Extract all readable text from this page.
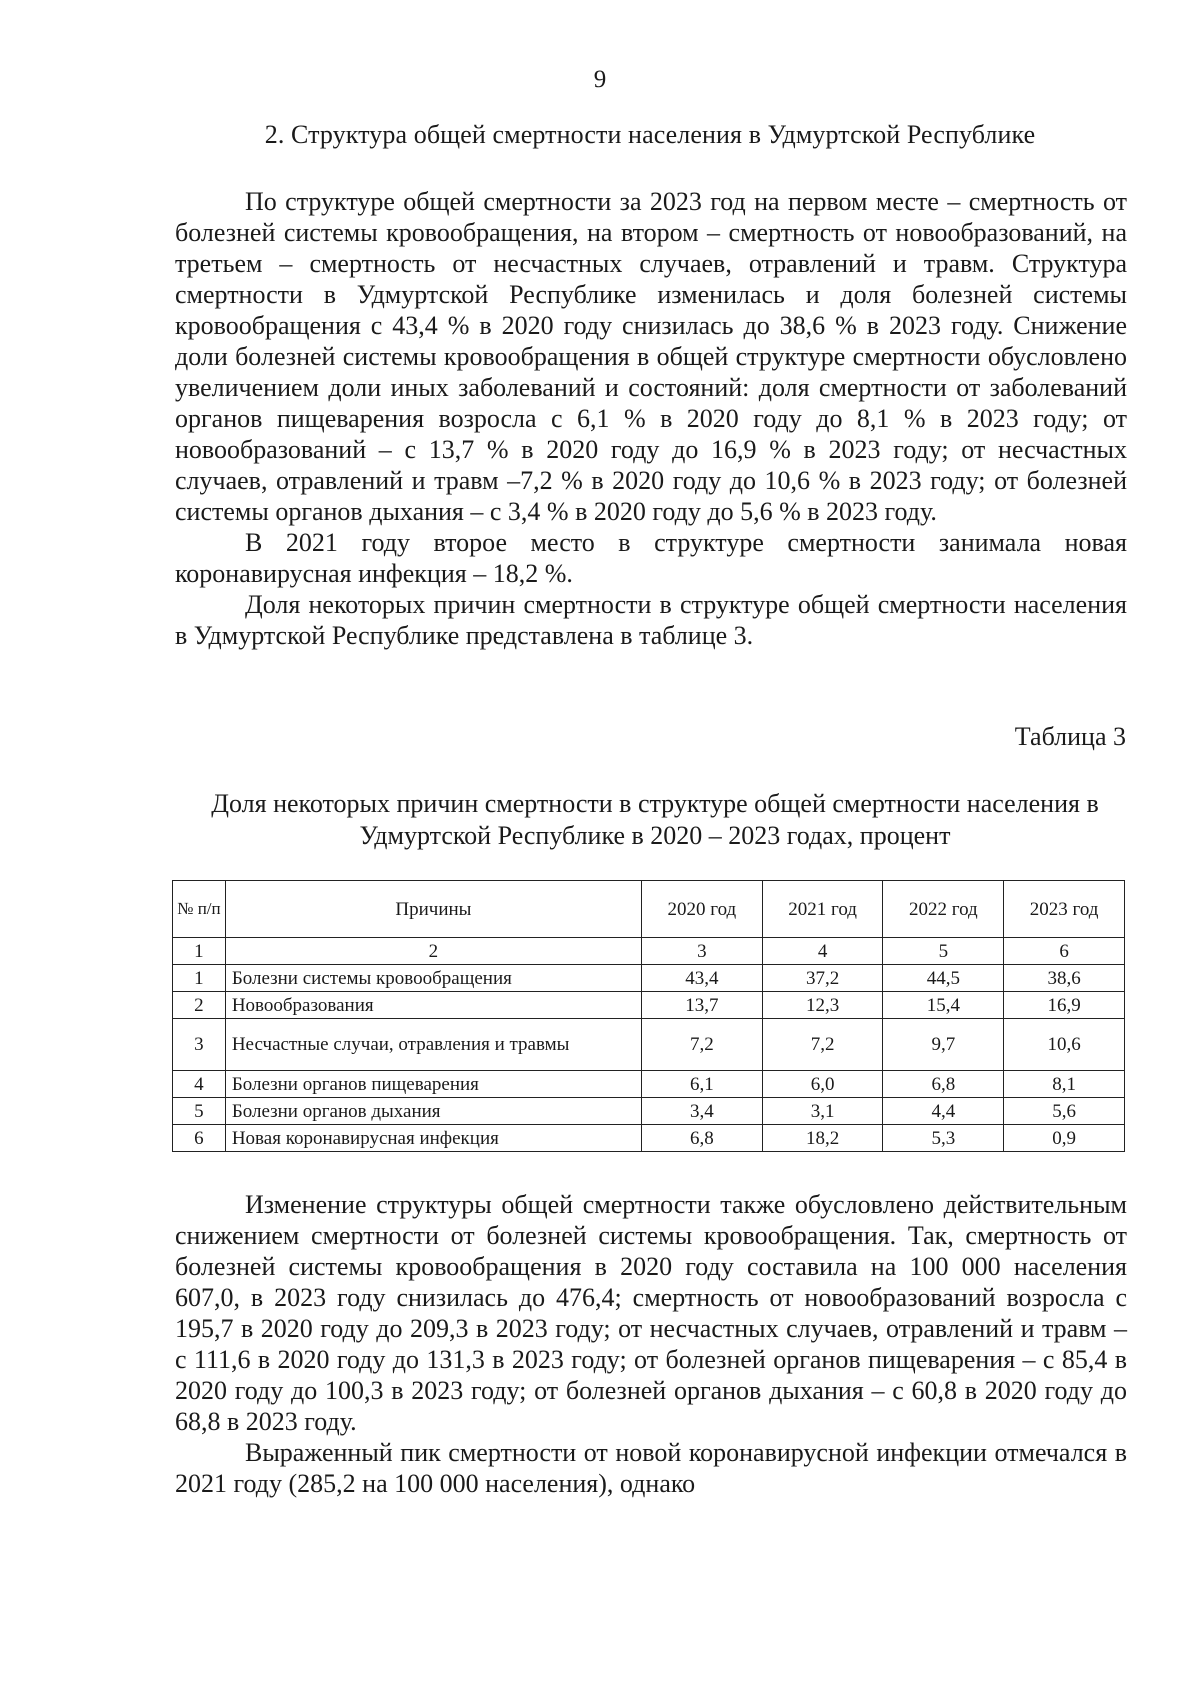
9
2. Структура общей смертности населения в Удмуртской Республике

По структуре общей смертности за 2023 год на первом месте – смертность от болезней системы кровообращения, на втором – смертность от новообразований, на третьем – смертность от несчастных случаев, отравлений и травм. Структура смертности в Удмуртской Республике изменилась и доля болезней системы кровообращения с 43,4 % в 2020 году снизилась до 38,6 % в 2023 году. Снижение доли болезней системы кровообращения в общей структуре смертности обусловлено увеличением доли иных заболеваний и состояний: доля смертности от заболеваний органов пищеварения возросла с 6,1 % в 2020 году до 8,1 % в 2023 году; от новообразований – с 13,7 % в 2020 году до 16,9 % в 2023 году; от несчастных случаев, отравлений и травм –7,2 % в 2020 году до 10,6 % в 2023 году; от болезней системы органов дыхания – с 3,4 % в 2020 году до 5,6 % в 2023 году.

В 2021 году второе место в структуре смертности занимала новая коронавирусная инфекция – 18,2 %.

Доля некоторых причин смертности в структуре общей смертности населения в Удмуртской Республике представлена в таблице 3.

Таблица 3
Доля некоторых причин смертности в структуре общей смертности населения в Удмуртской Республике в 2020 – 2023 годах, процент
№ п/п	Причины	2020 год	2021 год	2022 год	2023 год
1	2	3	4	5	6
1	Болезни системы кровообращения	43,4	37,2	44,5	38,6
2	Новообразования	13,7	12,3	15,4	16,9
3	Несчастные случаи, отравления и травмы	7,2	7,2	9,7	10,6
4	Болезни органов пищеварения	6,1	6,0	6,8	8,1
5	Болезни органов дыхания	3,4	3,1	4,4	5,6
6	Новая коронавирусная инфекция	6,8	18,2	5,3	0,9

Изменение структуры общей смертности также обусловлено действительным снижением смертности от болезней системы кровообращения. Так, смертность от болезней системы кровообращения в 2020 году составила на 100 000 населения 607,0, в 2023 году снизилась до 476,4; смертность от новообразований возросла с 195,7 в 2020 году до 209,3 в 2023 году; от несчастных случаев, отравлений и травм – с 111,6 в 2020 году до 131,3 в 2023 году; от болезней органов пищеварения – с 85,4 в 2020 году до 100,3 в 2023 году; от болезней органов дыхания – с 60,8 в 2020 году до 68,8 в 2023 году.

Выраженный пик смертности от новой коронавирусной инфекции отмечался в 2021 году (285,2 на 100 000 населения), однако
